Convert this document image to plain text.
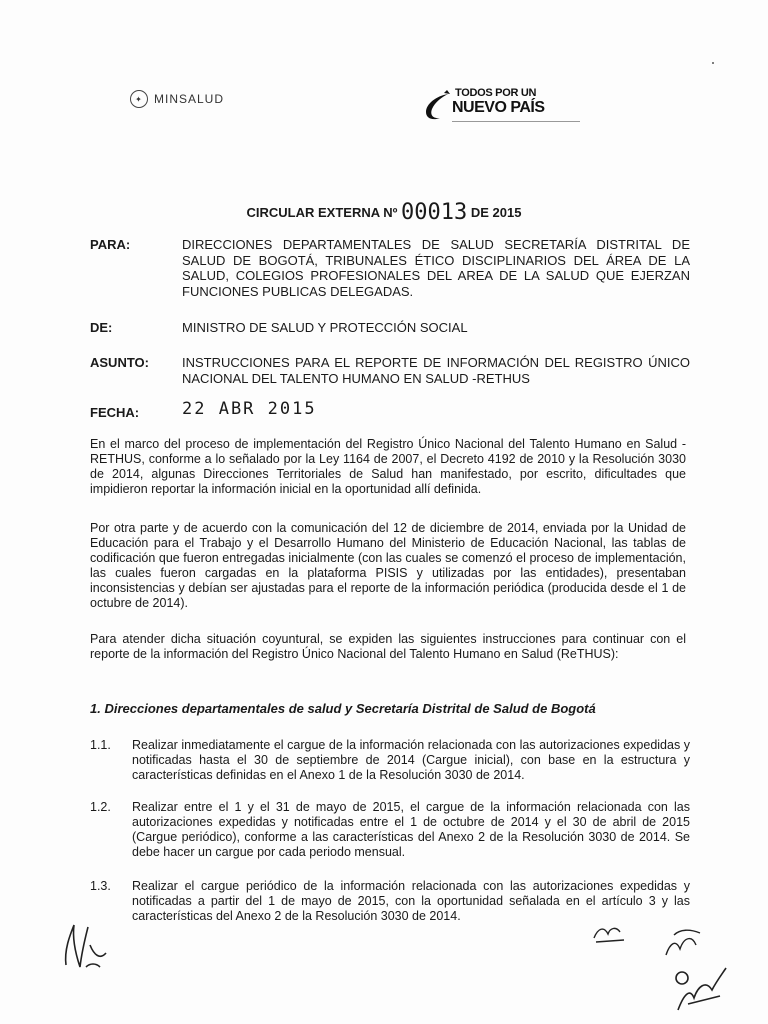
✦ MINSALUD	TODOS POR UN
NUEVO PAÍS
CIRCULAR EXTERNA Nº 00013 DE 2015
PARA:	DIRECCIONES DEPARTAMENTALES DE SALUD SECRETARÍA DISTRITAL DE SALUD DE BOGOTÁ, TRIBUNALES ÉTICO DISCIPLINARIOS DEL ÁREA DE LA SALUD, COLEGIOS PROFESIONALES DEL AREA DE LA SALUD QUE EJERZAN FUNCIONES PUBLICAS DELEGADAS.
DE:	MINISTRO DE SALUD Y PROTECCIÓN SOCIAL
ASUNTO:	INSTRUCCIONES PARA EL REPORTE DE INFORMACIÓN DEL REGISTRO ÚNICO NACIONAL DEL TALENTO HUMANO EN SALUD -RETHUS
FECHA:	22 ABR 2015

En el marco del proceso de implementación del Registro Único Nacional del Talento Humano en Salud -RETHUS, conforme a lo señalado por la Ley 1164 de 2007, el Decreto 4192 de 2010 y la Resolución 3030 de 2014, algunas Direcciones Territoriales de Salud han manifestado, por escrito, dificultades que impidieron reportar la información inicial en la oportunidad allí definida.

Por otra parte y de acuerdo con la comunicación del 12 de diciembre de 2014, enviada por la Unidad de Educación para el Trabajo y el Desarrollo Humano del Ministerio de Educación Nacional, las tablas de codificación que fueron entregadas inicialmente (con las cuales se comenzó el proceso de implementación, las cuales fueron cargadas en la plataforma PISIS y utilizadas por las entidades), presentaban inconsistencias y debían ser ajustadas para el reporte de la información periódica (producida desde el 1 de octubre de 2014).

Para atender dicha situación coyuntural, se expiden las siguientes instrucciones para continuar con el reporte de la información del Registro Único Nacional del Talento Humano en Salud (ReTHUS):

1. Direcciones departamentales de salud y Secretaría Distrital de Salud de Bogotá
1.1.	Realizar inmediatamente el cargue de la información relacionada con las autorizaciones expedidas y notificadas hasta el 30 de septiembre de 2014 (Cargue inicial), con base en la estructura y características definidas en el Anexo 1 de la Resolución 3030 de 2014.

1.2.	Realizar entre el 1 y el 31 de mayo de 2015, el cargue de la información relacionada con las autorizaciones expedidas y notificadas entre el 1 de octubre de 2014 y el 30 de abril de 2015 (Cargue periódico), conforme a las características del Anexo 2 de la Resolución 3030 de 2014. Se debe hacer un cargue por cada periodo mensual.

1.3.	Realizar el cargue periódico de la información relacionada con las autorizaciones expedidas y notificadas a partir del 1 de mayo de 2015, con la oportunidad señalada en el artículo 3 y las características del Anexo 2 de la Resolución 3030 de 2014.
